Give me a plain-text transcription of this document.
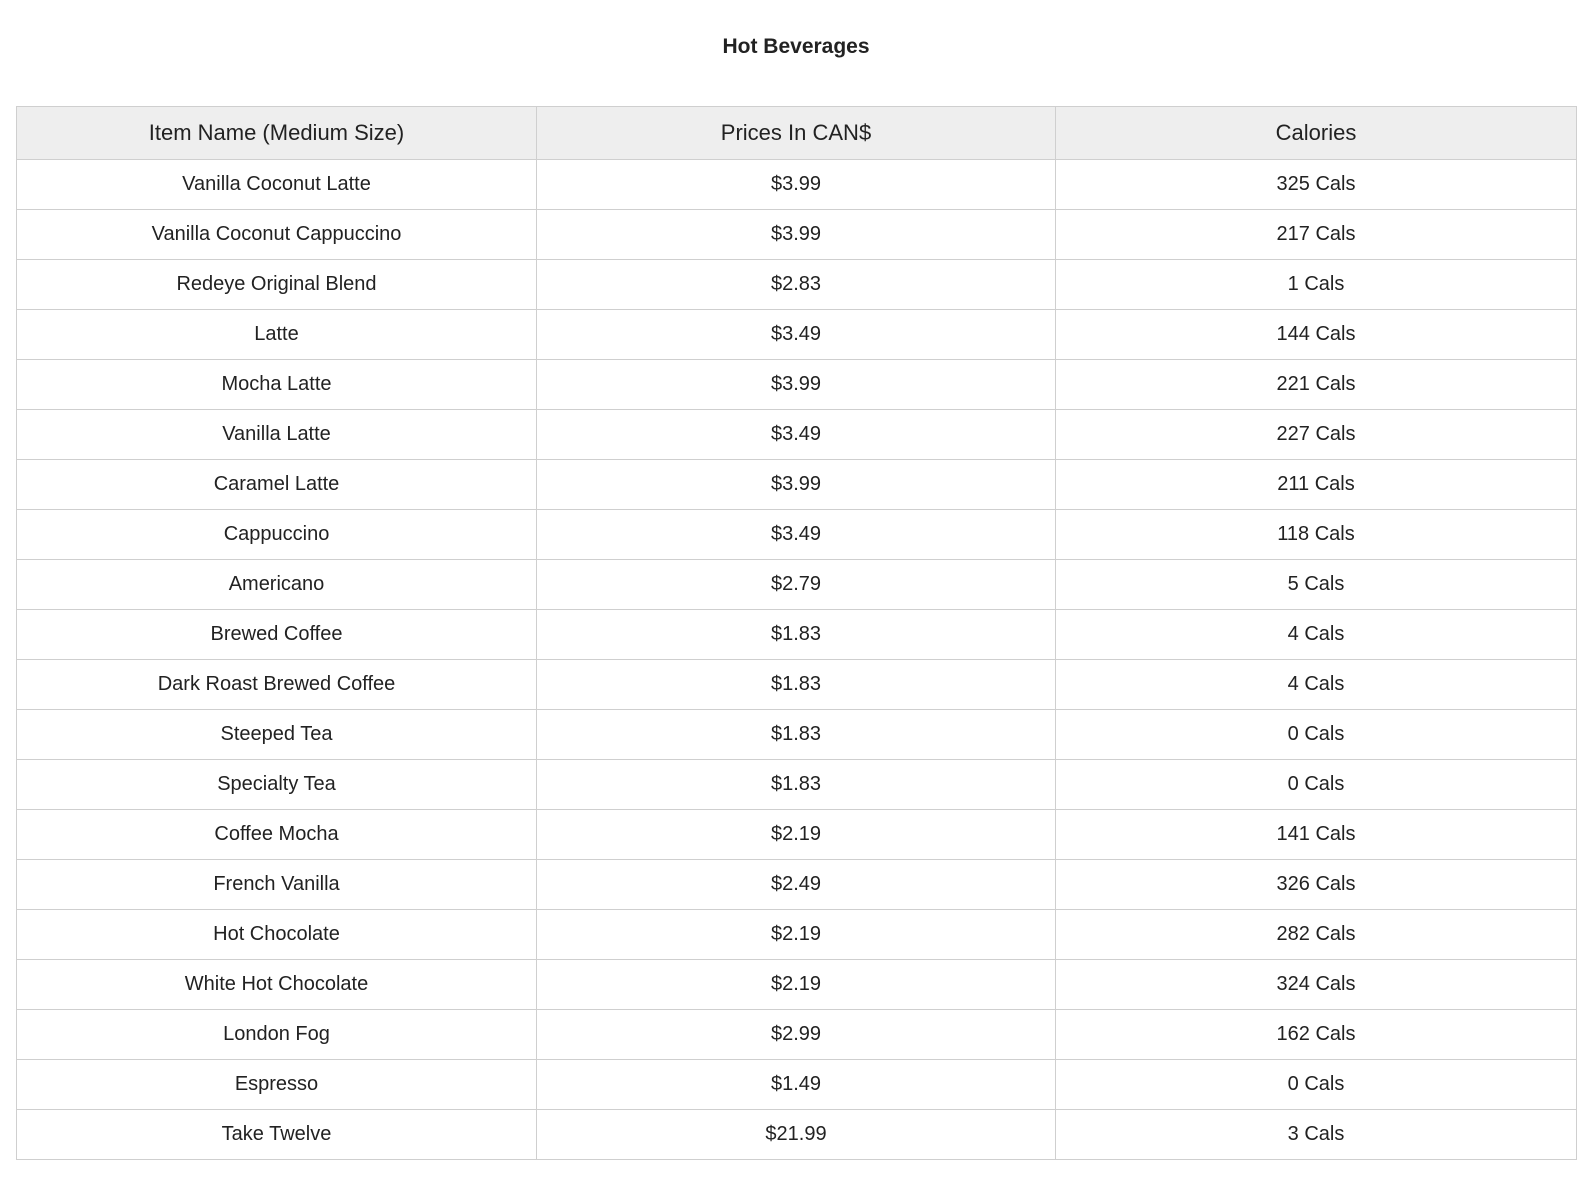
Hot Beverages
Item Name (Medium Size)	Prices In CAN$	Calories
Vanilla Coconut Latte	$3.99	325 Cals
Vanilla Coconut Cappuccino	$3.99	217 Cals
Redeye Original Blend	$2.83	1 Cals
Latte	$3.49	144 Cals
Mocha Latte	$3.99	221 Cals
Vanilla Latte	$3.49	227 Cals
Caramel Latte	$3.99	211 Cals
Cappuccino	$3.49	118 Cals
Americano	$2.79	5 Cals
Brewed Coffee	$1.83	4 Cals
Dark Roast Brewed Coffee	$1.83	4 Cals
Steeped Tea	$1.83	0 Cals
Specialty Tea	$1.83	0 Cals
Coffee Mocha	$2.19	141 Cals
French Vanilla	$2.49	326 Cals
Hot Chocolate	$2.19	282 Cals
White Hot Chocolate	$2.19	324 Cals
London Fog	$2.99	162 Cals
Espresso	$1.49	0 Cals
Take Twelve	$21.99	3 Cals
